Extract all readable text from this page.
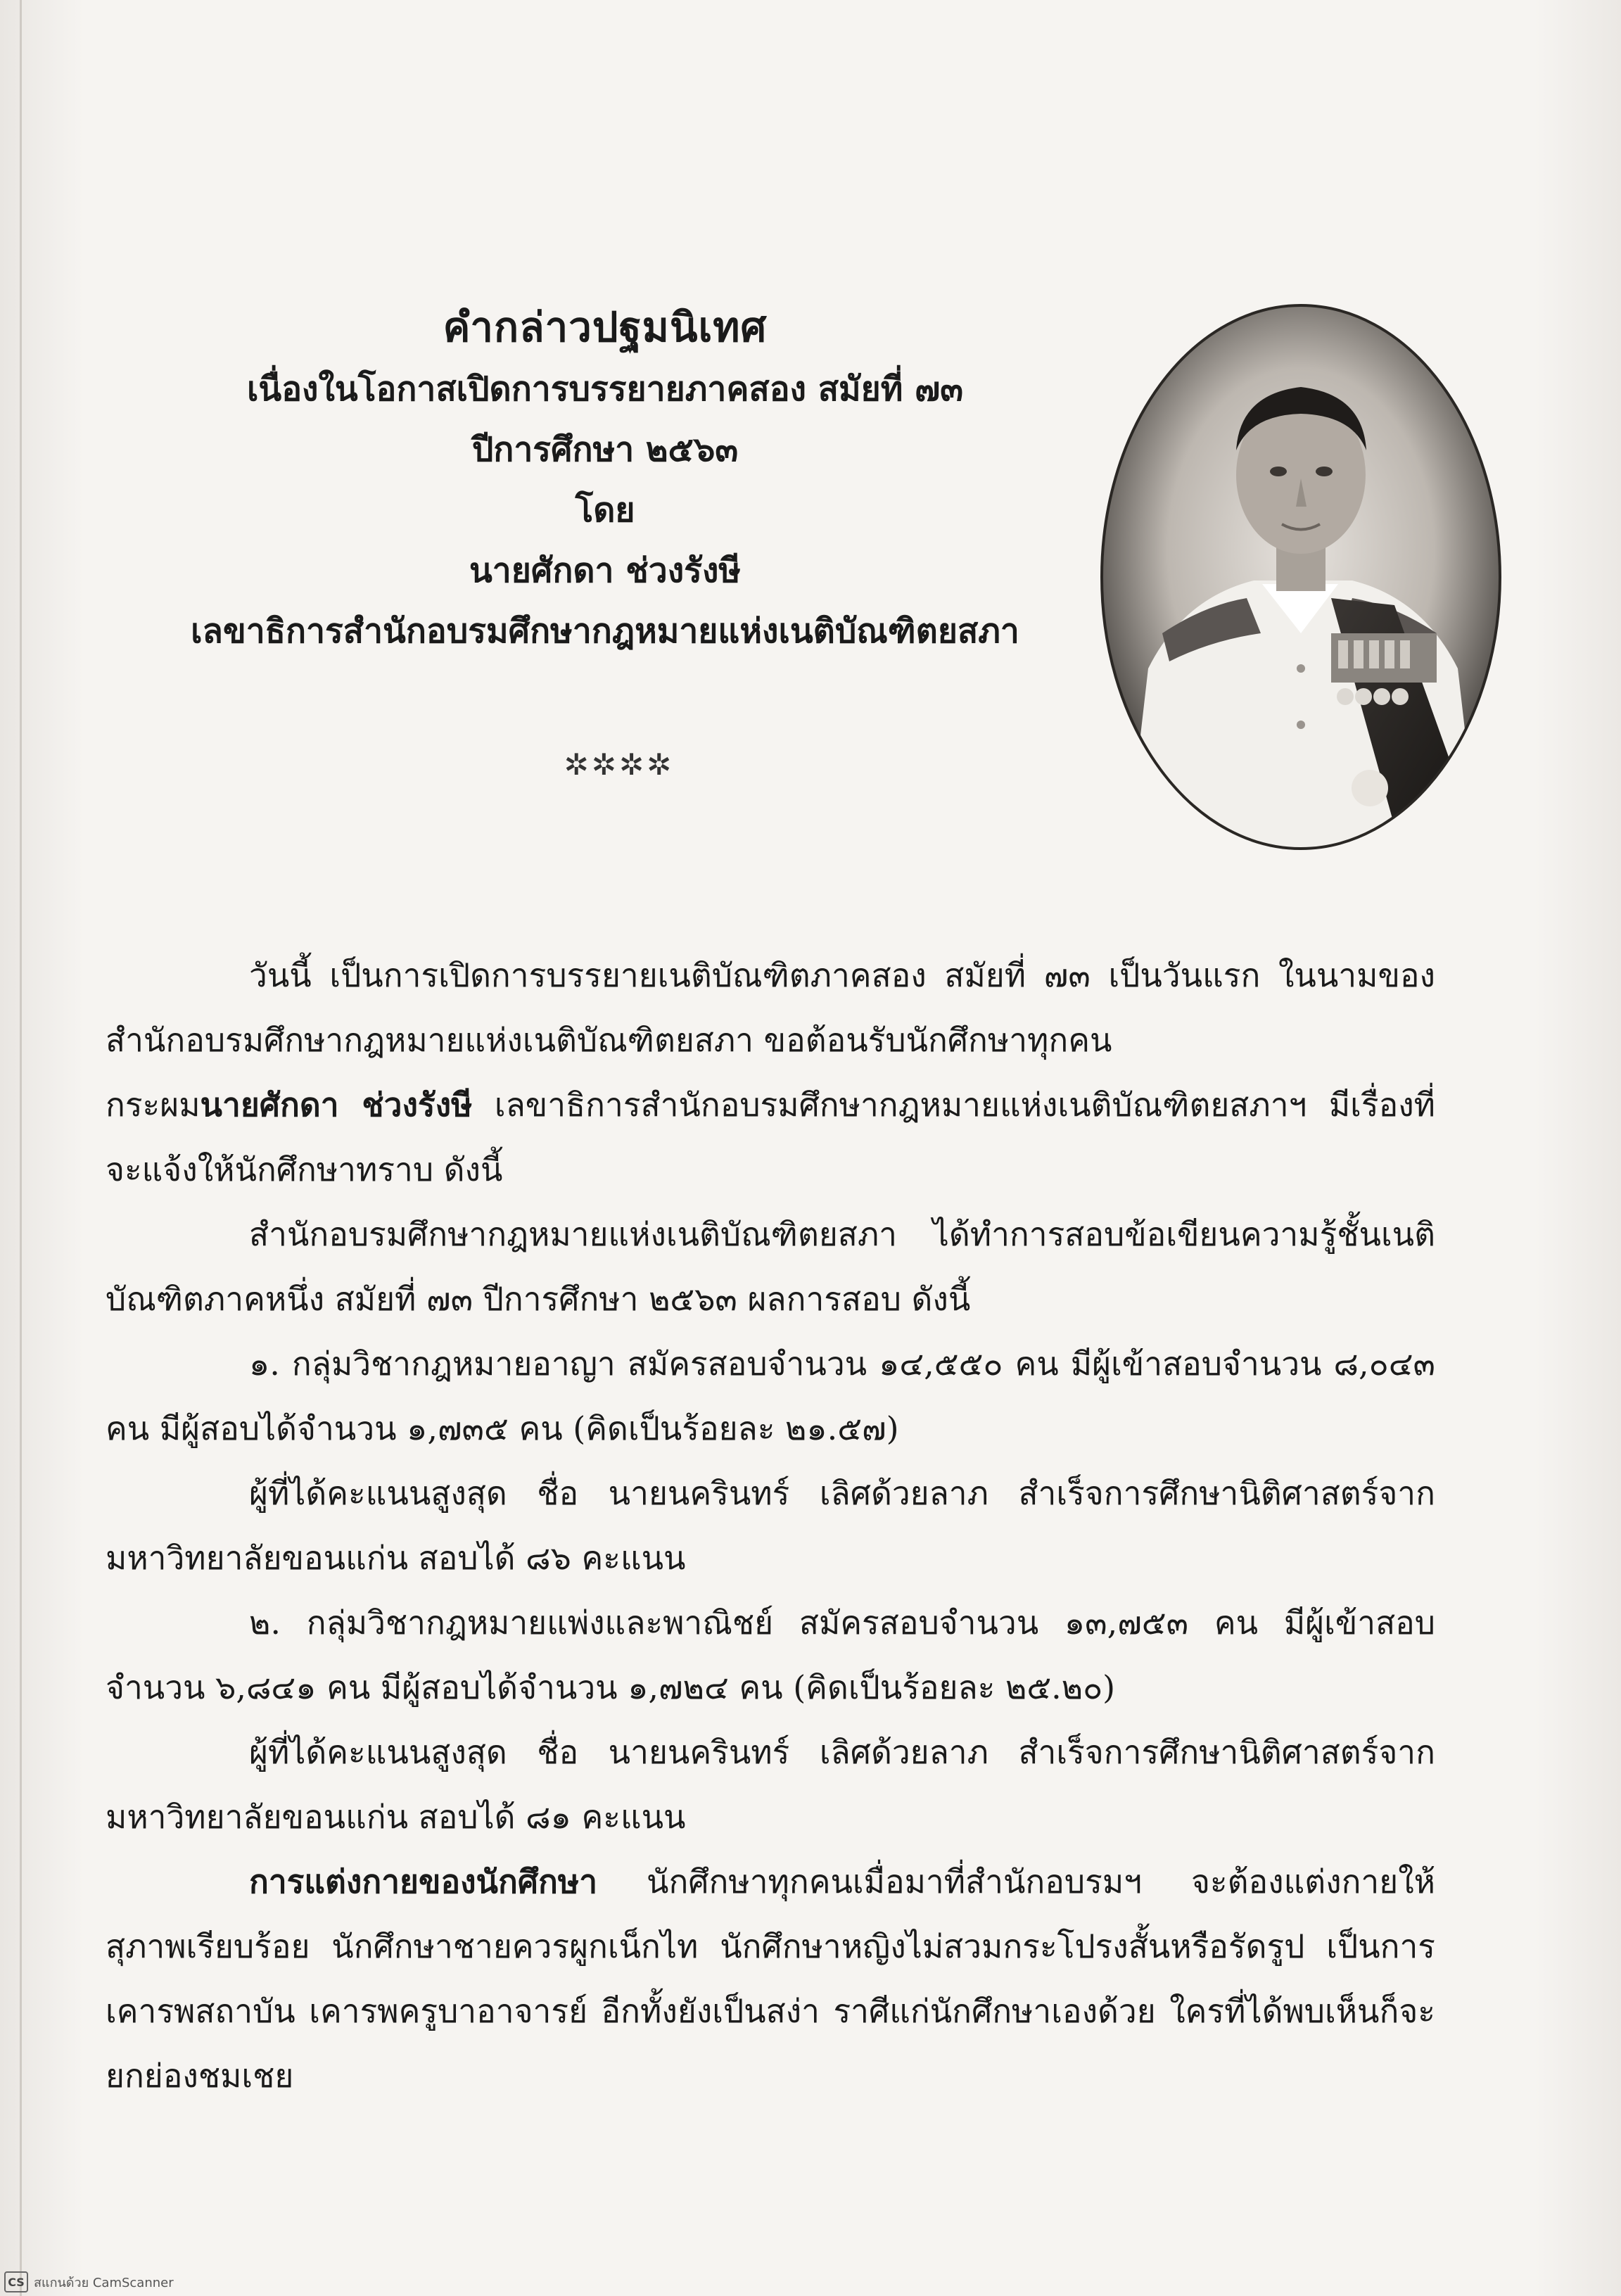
คำกล่าวปฐมนิเทศ
เนื่องในโอกาสเปิดการบรรยายภาคสอง สมัยที่ ๗๓
ปีการศึกษา ๒๕๖๓
โดย
นายศักดา ช่วงรังษี
เลขาธิการสำนักอบรมศึกษากฎหมายแห่งเนติบัณฑิตยสภา
✲✲✲✲

วันนี้ เป็นการเปิดการบรรยายเนติบัณฑิตภาคสอง สมัยที่ ๗๓ เป็นวันแรก ในนามของสำนักอบรมศึกษากฎหมายแห่งเนติบัณฑิตยสภา ขอต้อนรับนักศึกษาทุกคน

กระผมนายศักดา ช่วงรังษี เลขาธิการสำนักอบรมศึกษากฎหมายแห่งเนติบัณฑิตยสภาฯ มีเรื่องที่จะแจ้งให้นักศึกษาทราบ ดังนี้

สำนักอบรมศึกษากฎหมายแห่งเนติบัณฑิตยสภา ได้ทำการสอบข้อเขียนความรู้ชั้นเนติบัณฑิตภาคหนึ่ง สมัยที่ ๗๓ ปีการศึกษา ๒๕๖๓ ผลการสอบ ดังนี้

๑. กลุ่มวิชากฎหมายอาญา สมัครสอบจำนวน ๑๔,๕๕๐ คน มีผู้เข้าสอบจำนวน ๘,๐๔๓ คน มีผู้สอบได้จำนวน ๑,๗๓๕ คน (คิดเป็นร้อยละ ๒๑.๕๗)

ผู้ที่ได้คะแนนสูงสุด ชื่อ นายนครินทร์ เลิศด้วยลาภ สำเร็จการศึกษานิติศาสตร์จากมหาวิทยาลัยขอนแก่น สอบได้ ๘๖ คะแนน

๒. กลุ่มวิชากฎหมายแพ่งและพาณิชย์ สมัครสอบจำนวน ๑๓,๗๕๓ คน มีผู้เข้าสอบจำนวน ๖,๘๔๑ คน มีผู้สอบได้จำนวน ๑,๗๒๔ คน (คิดเป็นร้อยละ ๒๕.๒๐)

ผู้ที่ได้คะแนนสูงสุด ชื่อ นายนครินทร์ เลิศด้วยลาภ สำเร็จการศึกษานิติศาสตร์จากมหาวิทยาลัยขอนแก่น สอบได้ ๘๑ คะแนน

การแต่งกายของนักศึกษา นักศึกษาทุกคนเมื่อมาที่สำนักอบรมฯ จะต้องแต่งกายให้สุภาพเรียบร้อย นักศึกษาชายควรผูกเน็กไท นักศึกษาหญิงไม่สวมกระโปรงสั้นหรือรัดรูป เป็นการเคารพสถาบัน เคารพครูบาอาจารย์ อีกทั้งยังเป็นสง่า ราศีแก่นักศึกษาเองด้วย ใครที่ได้พบเห็นก็จะยกย่องชมเชย

CS สแกนด้วย CamScanner
